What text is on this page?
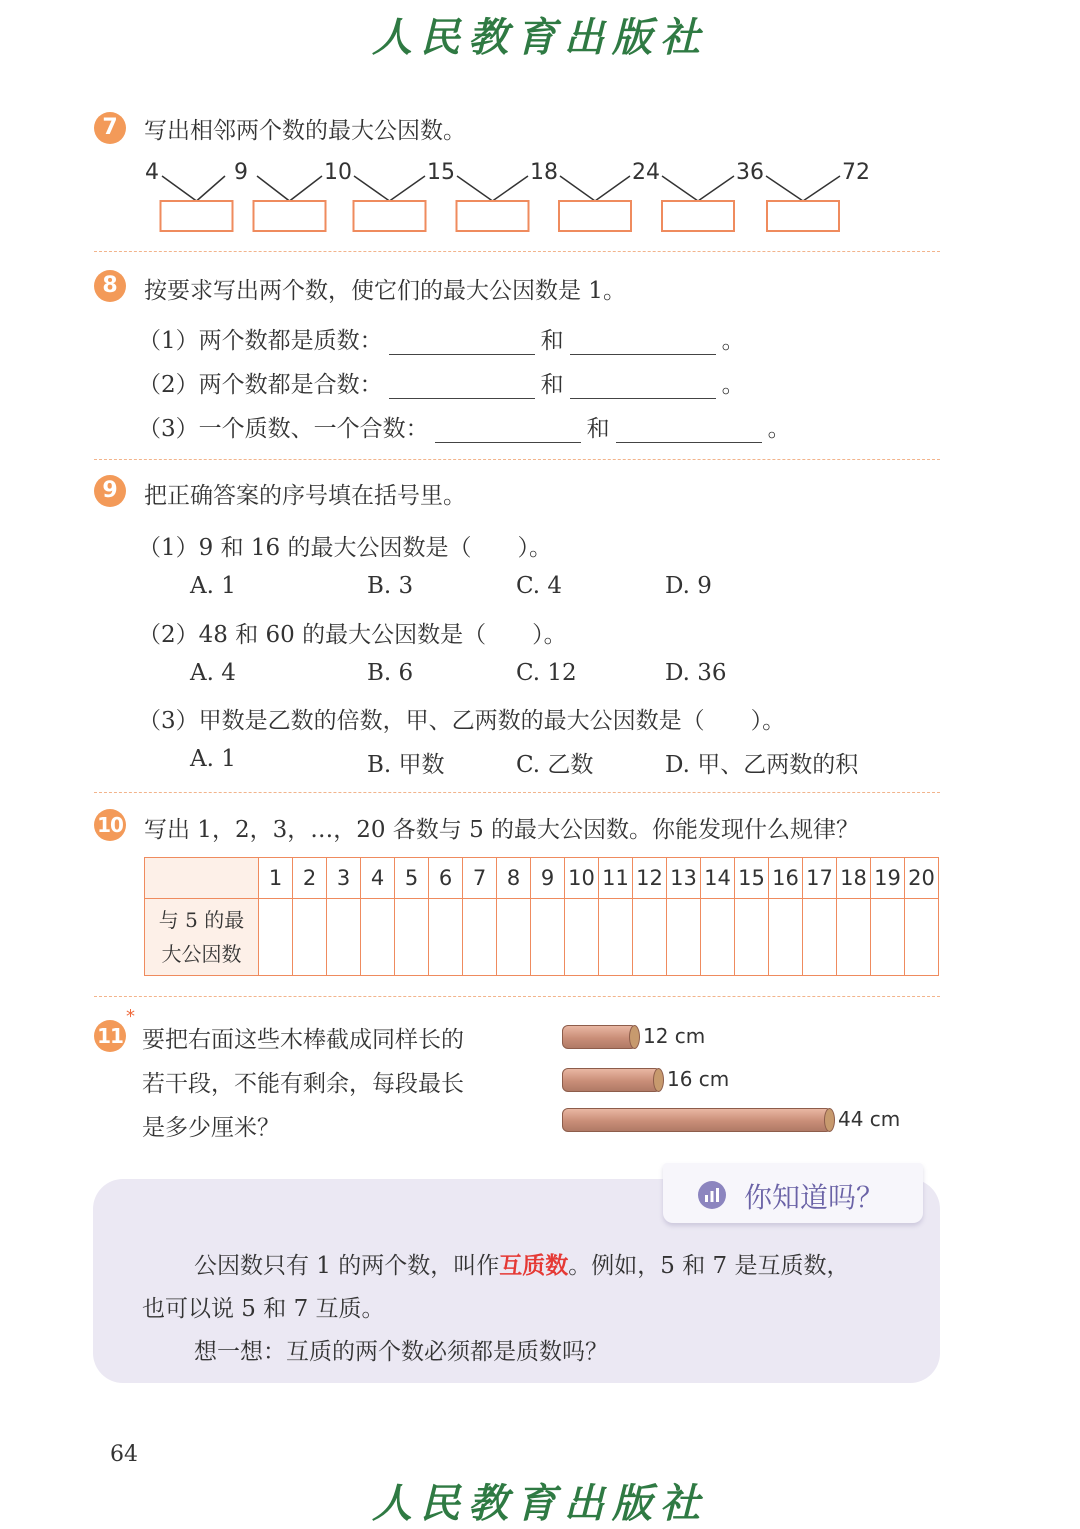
人民教育出版社
7	写出相邻两个数的最大公因数。
4	9	10	15	18	24	36	72
8	按要求写出两个数，使它们的最大公因数是 1。
（1）两个数都是质数：	和	。
（2）两个数都是合数：	和	。
（3）一个质数、一个合数：	和	。
9	把正确答案的序号填在括号里。
（1）9 和 16 的最大公因数是（　　）。
A. 1	B. 3	C. 4	D. 9
（2）48 和 60 的最大公因数是（　　）。
A. 4	B. 6	C. 12	D. 36
（3）甲数是乙数的倍数，甲、乙两数的最大公因数是（　　）。
A. 1	B. 甲数	C. 乙数	D. 甲、乙两数的积
10 写出 1，2，3，…，20 各数与 5 的最大公因数。你能发现什么规律？
	1	2	3	4	5	6	7	8	9	10	11	12	13	14	15	16	17	18	19	20

与 5 的最
大公因数																				

11
*
要把右面这些木棒截成同样长的
若干段，不能有剩余，每段最长
是多少厘米？
12 cm
16 cm
44 cm
你知道吗？
公因数只有 1 的两个数，叫作互质数。例如，5 和 7 是互质数，
也可以说 5 和 7 互质。
想一想：互质的两个数必须都是质数吗？
64
人民教育出版社
